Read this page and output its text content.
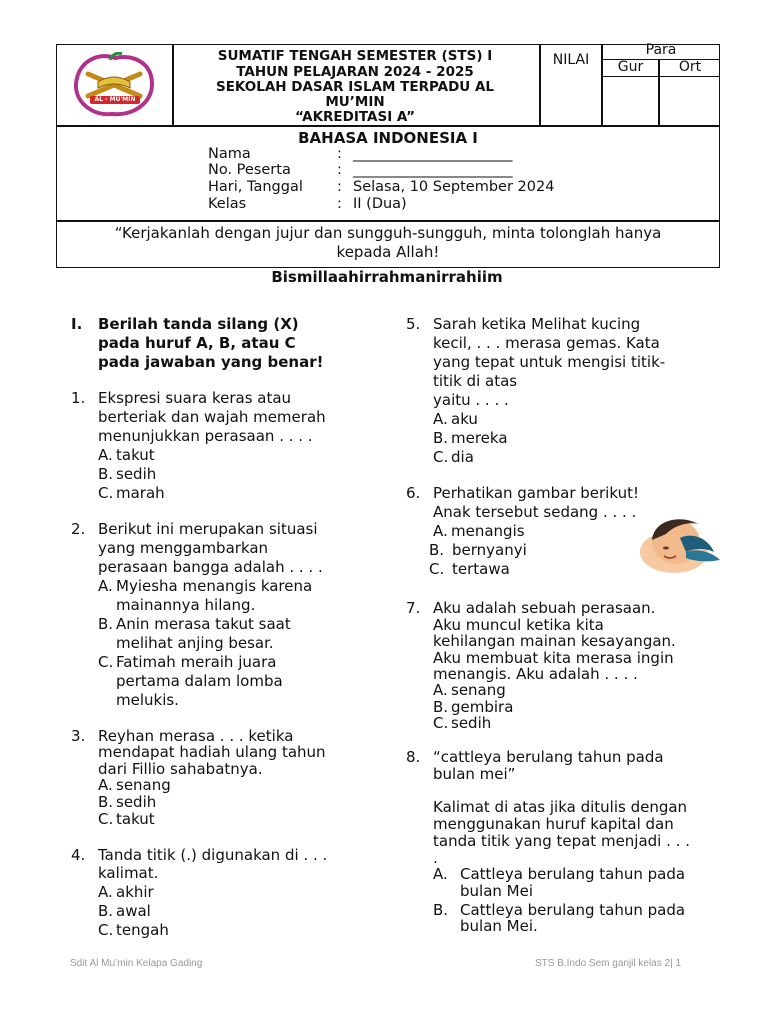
AL - MU'MIN
SUMATIF TENGAH SEMESTER (STS) I
TAHUN PELAJARAN 2024 - 2025
SEKOLAH DASAR ISLAM TERPADU AL
MU’MIN
“AKREDITASI A”
NILAI
Para
Gur	Ort
BAHASA INDONESIA I
Nama	: ______________________
No. Peserta	: ______________________
Hari, Tanggal : Selasa, 10 September 2024
Kelas	: II (Dua)
“Kerjakanlah dengan jujur dan sungguh-sungguh, minta tolonglah hanya
kepada Allah!
Bismillaahirrahmanirrahiim
I. Berilah tanda silang (X)
pada huruf A, B, atau C
pada jawaban yang benar!
1. Ekspresi suara keras atau
berteriak dan wajah memerah
menunjukkan perasaan . . . .
A. takut
B. sedih
C. marah
2. Berikut ini merupakan situasi
yang menggambarkan
perasaan bangga adalah . . . .
A. Myiesha menangis karena
mainannya hilang.
B. Anin merasa takut saat
melihat anjing besar.
C. Fatimah meraih juara
pertama dalam lomba
melukis.
3. Reyhan merasa . . . ketika
mendapat hadiah ulang tahun
dari Fillio sahabatnya.
A. senang
B. sedih
C. takut
4. Tanda titik (.) digunakan di . . .
kalimat.
A. akhir
B. awal
C. tengah
5. Sarah ketika Melihat kucing
kecil, . . . merasa gemas. Kata
yang tepat untuk mengisi titik-
titik di atas
yaitu . . . .
A. aku
B. mereka
C. dia
6. Perhatikan gambar berikut!
Anak tersebut sedang . . . .
A. menangis
B. bernyanyi
C. tertawa
7. Aku adalah sebuah perasaan.
Aku muncul ketika kita
kehilangan mainan kesayangan.
Aku membuat kita merasa ingin
menangis. Aku adalah . . . .
A. senang
B. gembira
C. sedih
8. “cattleya berulang tahun pada
bulan mei”
Kalimat di atas jika ditulis dengan
menggunakan huruf kapital dan
tanda titik yang tepat menjadi . . .
.
A. Cattleya berulang tahun pada
bulan Mei
B. Cattleya berulang tahun pada
bulan Mei.
Sdit Al Mu’min Kelapa Gading	STS B.Indo Sem ganjil kelas 2| 1
